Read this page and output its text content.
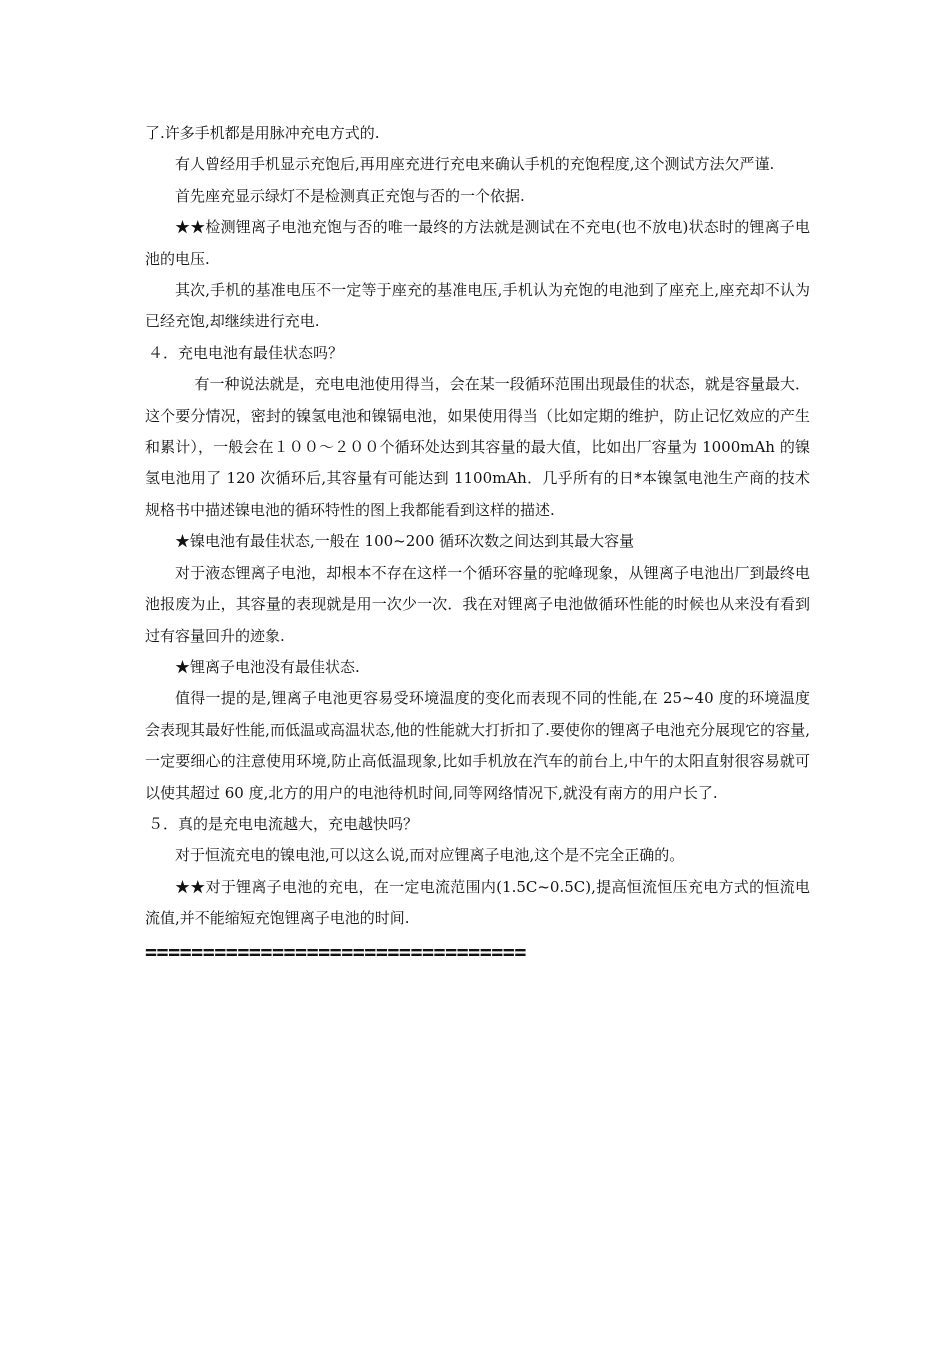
了.许多手机都是用脉冲充电方式的.

有人曾经用手机显示充饱后,再用座充进行充电来确认手机的充饱程度,这个测试方法欠严谨.

首先座充显示绿灯不是检测真正充饱与否的一个依据.

★★检测锂离子电池充饱与否的唯一最终的方法就是测试在不充电(也不放电)状态时的锂离子电池的电压.

其次,手机的基准电压不一定等于座充的基准电压,手机认为充饱的电池到了座充上,座充却不认为已经充饱,却继续进行充电.

４．充电电池有最佳状态吗？

有一种说法就是，充电电池使用得当，会在某一段循环范围出现最佳的状态，就是容量最大．这个要分情况，密封的镍氢电池和镍镉电池，如果使用得当（比如定期的维护，防止记忆效应的产生和累计），一般会在１００～２００个循环处达到其容量的最大值，比如出厂容量为 1000mAh 的镍氢电池用了 120 次循环后,其容量有可能达到 1100mAh．几乎所有的日*本镍氢电池生产商的技术规格书中描述镍电池的循环特性的图上我都能看到这样的描述.

★镍电池有最佳状态,一般在 100~200 循环次数之间达到其最大容量

对于液态锂离子电池，却根本不存在这样一个循环容量的驼峰现象，从锂离子电池出厂到最终电池报废为止，其容量的表现就是用一次少一次．我在对锂离子电池做循环性能的时候也从来没有看到过有容量回升的迹象.

★锂离子电池没有最佳状态.

值得一提的是,锂离子电池更容易受环境温度的变化而表现不同的性能,在 25~40 度的环境温度会表现其最好性能,而低温或高温状态,他的性能就大打折扣了.要使你的锂离子电池充分展现它的容量,一定要细心的注意使用环境,防止高低温现象,比如手机放在汽车的前台上,中午的太阳直射很容易就可以使其超过 60 度,北方的用户的电池待机时间,同等网络情况下,就没有南方的用户长了.

５．真的是充电电流越大，充电越快吗？

对于恒流充电的镍电池,可以这么说,而对应锂离子电池,这个是不完全正确的。

★★对于锂离子电池的充电，在一定电流范围内(1.5C~0.5C),提高恒流恒压充电方式的恒流电流值,并不能缩短充饱锂离子电池的时间.

=================================
